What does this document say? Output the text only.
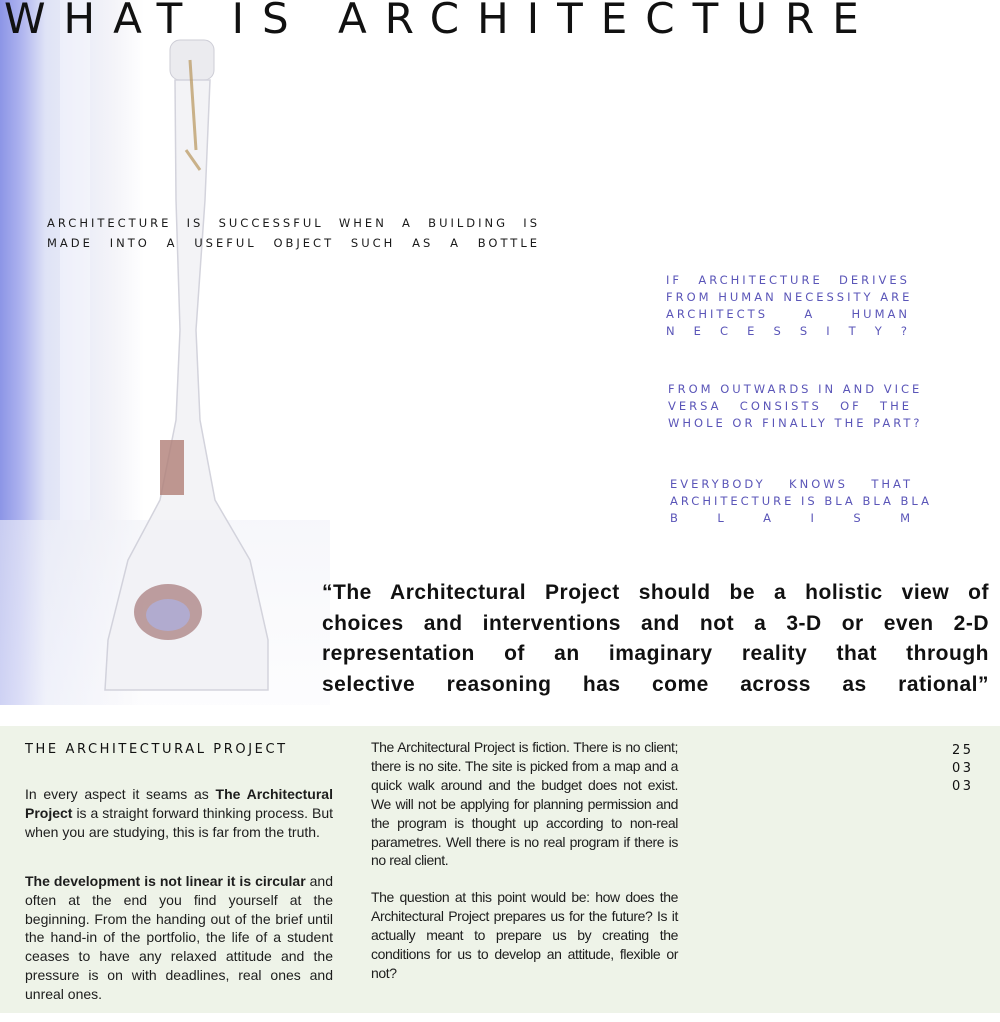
WHAT IS ARCHITECTURE
ARCHITECTURE IS SUCCESSFUL WHEN A BUILDING IS
MADE INTO A USEFUL OBJECT SUCH AS A BOTTLE
IF ARCHITECTURE DERIVES
FROM HUMAN NECESSITY ARE
ARCHITECTS A HUMAN
N E C E S S I T Y ?
FROM OUTWARDS IN AND VICE
VERSA CONSISTS OF THE
WHOLE OR FINALLY THE PART?
EVERYBODY KNOWS THAT
ARCHITECTURE IS BLA BLA BLA
B L A I S M
“The Architectural Project should be a holistic view of
choices and interventions and not a 3-D or even 2-D
representation of an imaginary reality that through
selective reasoning has come across as rational”
THE ARCHITECTURAL PROJECT

In every aspect it seams as The Architectural Project is a straight forward thinking process. But when you are studying, this is far from the truth.

The development is not linear it is circular and often at the end you find yourself at the beginning. From the handing out of the brief until the hand-in of the portfolio, the life of a student ceases to have any relaxed attitude and the pressure is on with deadlines, real ones and unreal ones.

The Architectural Project is fiction. There is no client; there is no site. The site is picked from a map and a quick walk around and the budget does not exist. We will not be applying for planning permission and the program is thought up according to non-real parametres. Well there is no real program if there is no real client.

The question at this point would be: how does the Architectural Project prepares us for the future? Is it actually meant to prepare us by creating the conditions for us to develop an attitude, flexible or not?

25
03
03
